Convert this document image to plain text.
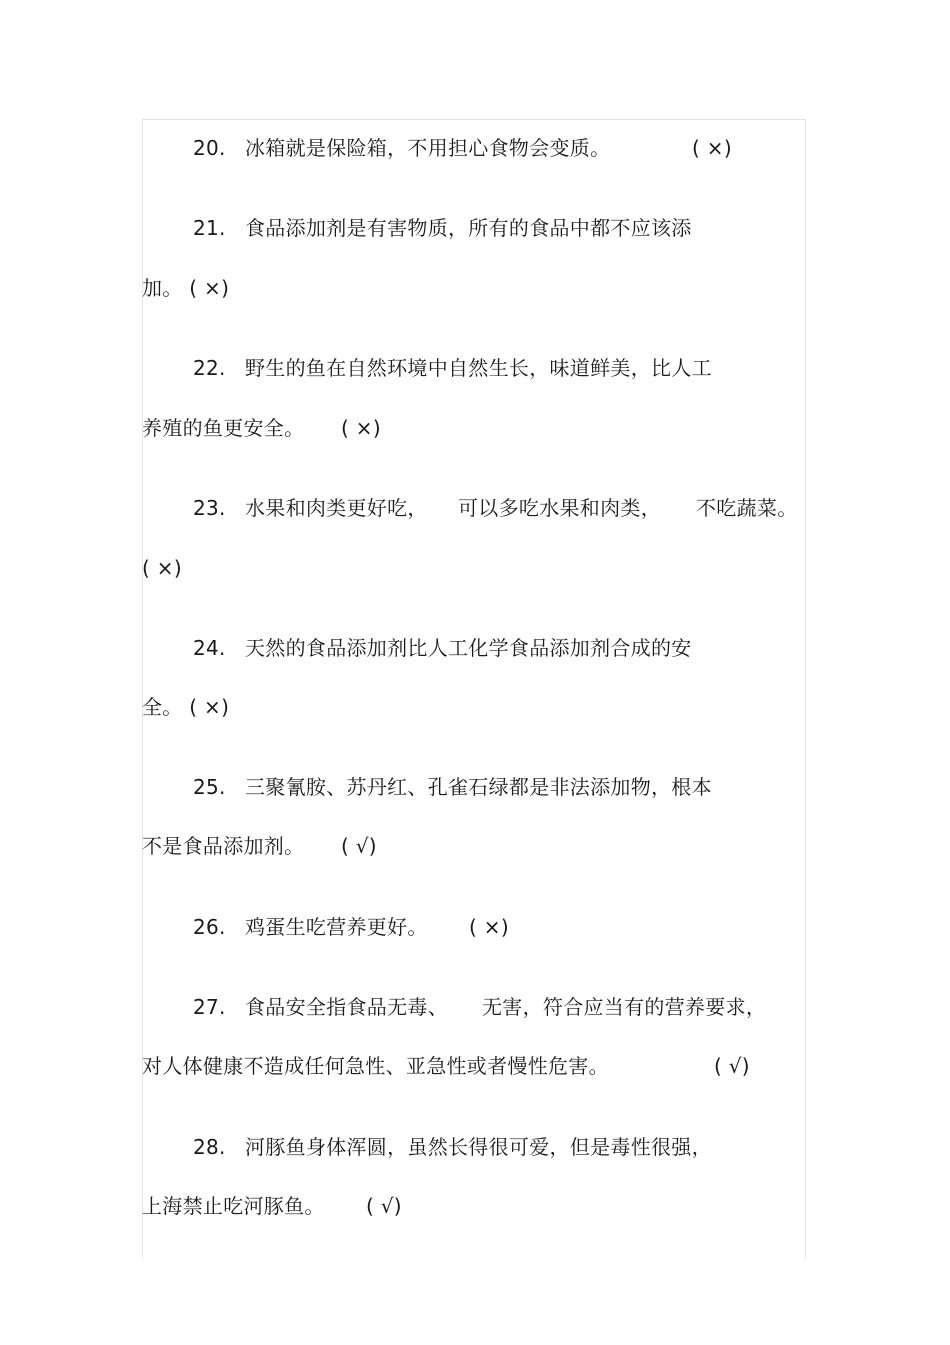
20. 冰箱就是保险箱，不用担心食物会变质。	( ×)
21. 食品添加剂是有害物质，所有的食品中都不应该添
加。 ( ×)
22. 野生的鱼在自然环境中自然生长，味道鲜美，比人工
养殖的鱼更安全。 ( ×)
23. 水果和肉类更好吃， 可以多吃水果和肉类， 不吃蔬菜。
( ×)
24. 天然的食品添加剂比人工化学食品添加剂合成的安
全。 ( ×)
25. 三聚氰胺、苏丹红、孔雀石绿都是非法添加物，根本
不是食品添加剂。 ( √)
26. 鸡蛋生吃营养更好。 ( ×)
27. 食品安全指食品无毒、 无害，符合应当有的营养要求，
对人体健康不造成任何急性、亚急性或者慢性危害。	( √)
28. 河豚鱼身体浑圆，虽然长得很可爱，但是毒性很强，
上海禁止吃河豚鱼。 ( √)
